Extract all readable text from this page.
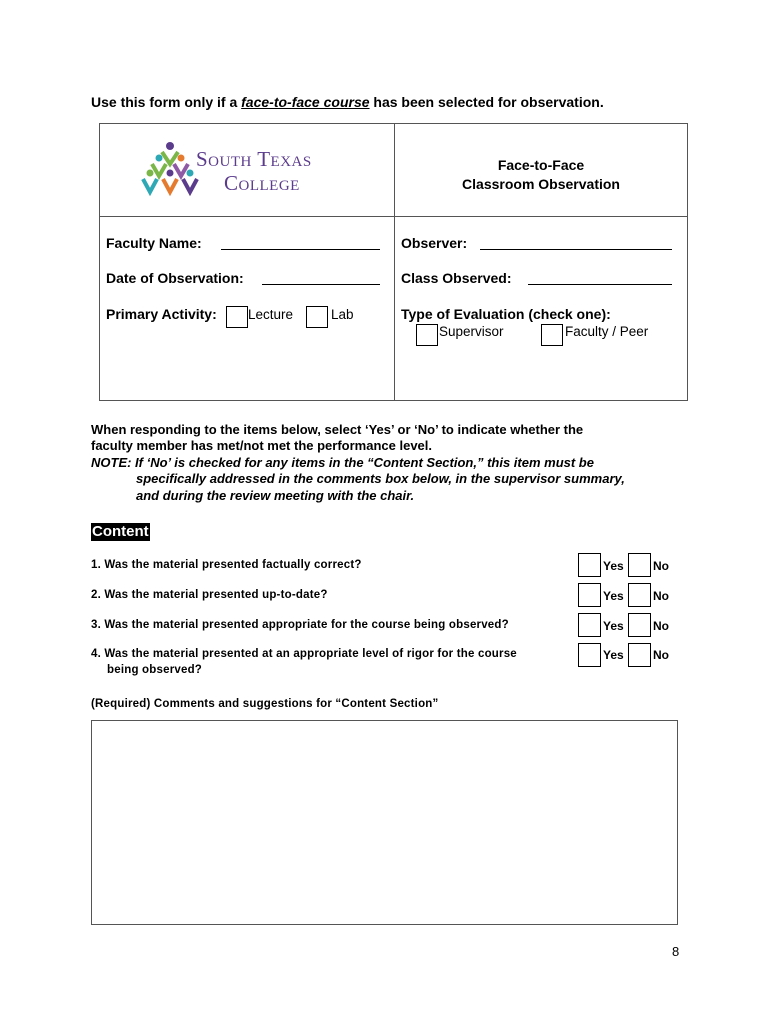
Use this form only if a face-to-face course has been selected for observation.
South Texas
College
Face-to-Face
Classroom Observation
Faculty Name:
Date of Observation:
Primary Activity: Lecture	Lab
Observer:
Class Observed:
Type of Evaluation (check one):
Supervisor	Faculty / Peer
When responding to the items below, select ‘Yes’ or ‘No’ to indicate whether the
faculty member has met/not met the performance level.
NOTE: If ‘No’ is checked for any items in the “Content Section,” this item must be
specifically addressed in the comments box below, in the supervisor summary,
and during the review meeting with the chair.
Content
1. Was the material presented factually correct?
2. Was the material presented up-to-date?
3. Was the material presented appropriate for the course being observed?
4. Was the material presented at an appropriate level of rigor for the course
being observed?
Yes No
Yes No
Yes No
Yes No
(Required) Comments and suggestions for “Content Section”
8
